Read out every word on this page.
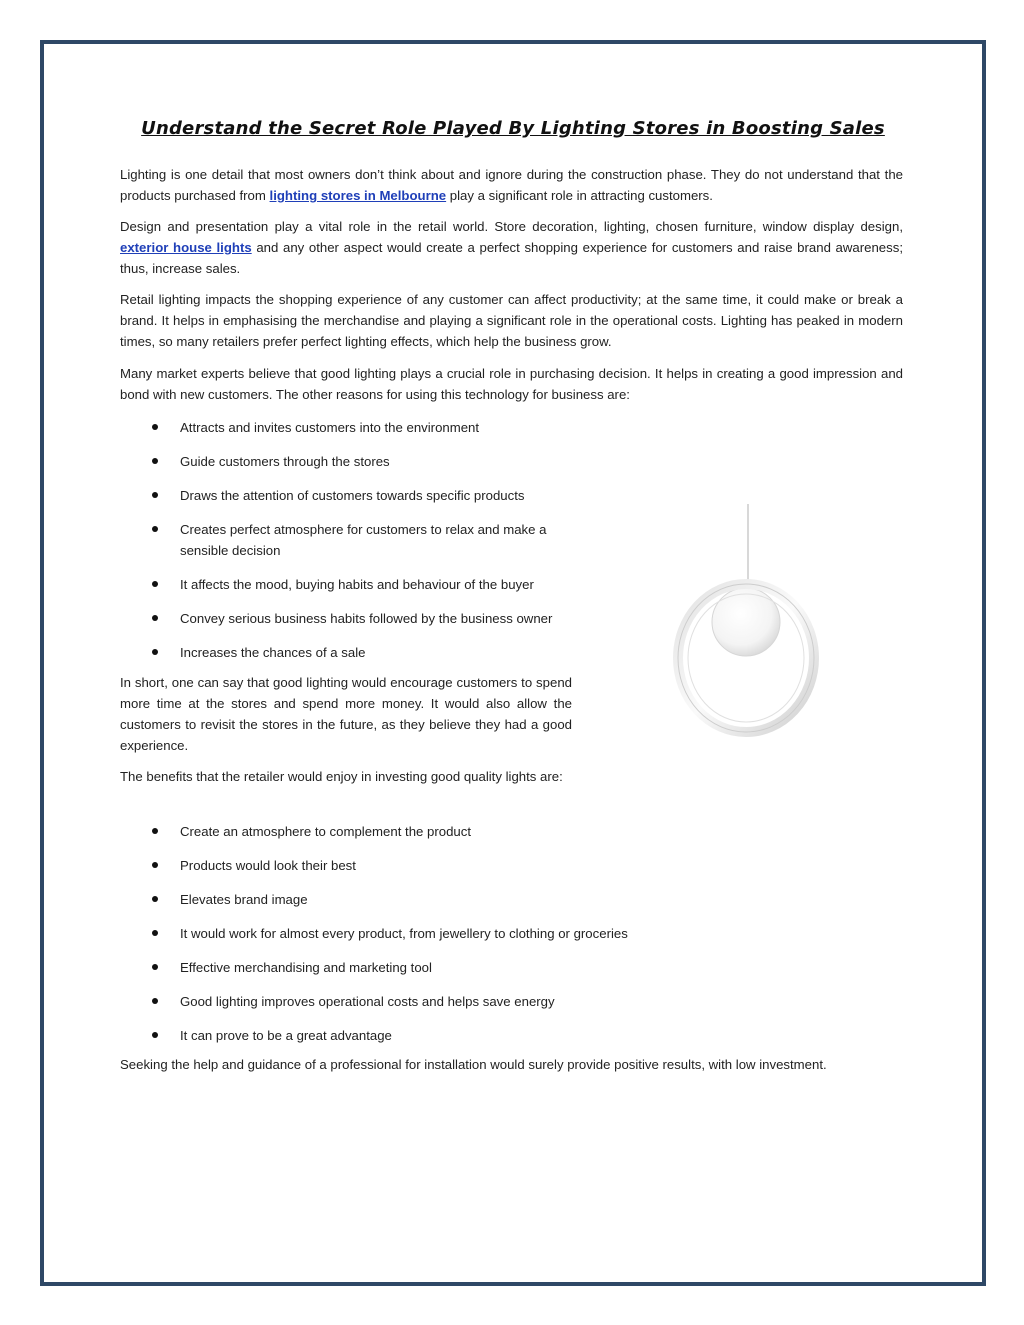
Understand the Secret Role Played By Lighting Stores in Boosting Sales

Lighting is one detail that most owners don’t think about and ignore during the construction phase. They do not understand that the products purchased from lighting stores in Melbourne play a significant role in attracting customers.

Design and presentation play a vital role in the retail world. Store decoration, lighting, chosen furniture, window display design, exterior house lights and any other aspect would create a perfect shopping experience for customers and raise brand awareness; thus, increase sales.

Retail lighting impacts the shopping experience of any customer can affect productivity; at the same time, it could make or break a brand. It helps in emphasising the merchandise and playing a significant role in the operational costs. Lighting has peaked in modern times, so many retailers prefer perfect lighting effects, which help the business grow.

Many market experts believe that good lighting plays a crucial role in purchasing decision. It helps in creating a good impression and bond with new customers. The other reasons for using this technology for business are:

Attracts and invites customers into the environment
Guide customers through the stores
Draws the attention of customers towards specific products
Creates perfect atmosphere for customers to relax and make a sensible decision
It affects the mood, buying habits and behaviour of the buyer
Convey serious business habits followed by the business owner
Increases the chances of a sale

In short, one can say that good lighting would encourage customers to spend more time at the stores and spend more money. It would also allow the customers to revisit the stores in the future, as they believe they had a good experience.

The benefits that the retailer would enjoy in investing good quality lights are:

Create an atmosphere to complement the product
Products would look their best
Elevates brand image
It would work for almost every product, from jewellery to clothing or groceries
Effective merchandising and marketing tool
Good lighting improves operational costs and helps save energy
It can prove to be a great advantage

Seeking the help and guidance of a professional for installation would surely provide positive results, with low investment.
